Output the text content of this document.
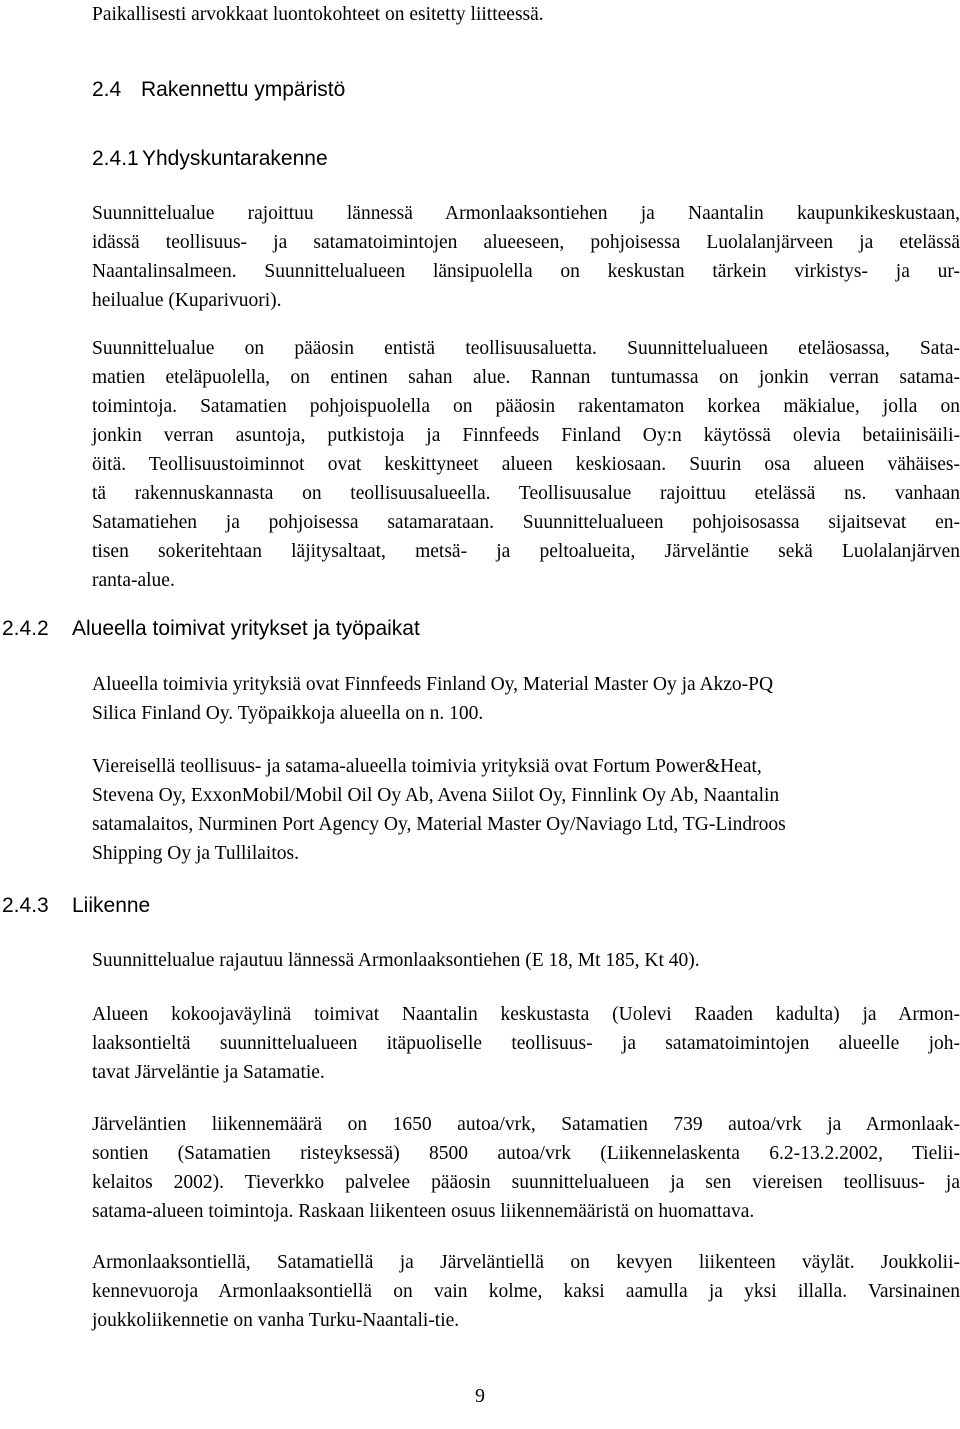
Paikallisesti arvokkaat luontokohteet on esitetty liitteessä.
2.4 Rakennettu ympäristö
2.4.1 Yhdyskuntarakenne
Suunnittelualue rajoittuu lännessä Armonlaaksontiehen ja Naantalin kaupunkikeskustaan,
idässä teollisuus- ja satamatoimintojen alueeseen, pohjoisessa Luolalanjärveen ja etelässä
Naantalinsalmeen. Suunnittelualueen länsipuolella on keskustan tärkein virkistys- ja ur-
heilualue (Kuparivuori).
Suunnittelualue on pääosin entistä teollisuusaluetta. Suunnittelualueen eteläosassa, Sata-
matien eteläpuolella, on entinen sahan alue. Rannan tuntumassa on jonkin verran satama-
toimintoja. Satamatien pohjoispuolella on pääosin rakentamaton korkea mäkialue, jolla on
jonkin verran asuntoja, putkistoja ja Finnfeeds Finland Oy:n käytössä olevia betaiinisäili-
öitä. Teollisuustoiminnot ovat keskittyneet alueen keskiosaan. Suurin osa alueen vähäises-
tä rakennuskannasta on teollisuusalueella. Teollisuusalue rajoittuu etelässä ns. vanhaan
Satamatiehen ja pohjoisessa satamarataan. Suunnittelualueen pohjoisosassa sijaitsevat en-
tisen sokeritehtaan läjitysaltaat, metsä- ja peltoalueita, Järveläntie sekä Luolalanjärven
ranta-alue.
2.4.2 Alueella toimivat yritykset ja työpaikat
Alueella toimivia yrityksiä ovat Finnfeeds Finland Oy, Material Master Oy ja Akzo-PQ
Silica Finland Oy. Työpaikkoja alueella on n. 100.
Viereisellä teollisuus- ja satama-alueella toimivia yrityksiä ovat Fortum Power&Heat,
Stevena Oy, ExxonMobil/Mobil Oil Oy Ab, Avena Siilot Oy, Finnlink Oy Ab, Naantalin
satamalaitos, Nurminen Port Agency Oy, Material Master Oy/Naviago Ltd, TG-Lindroos
Shipping Oy ja Tullilaitos.
2.4.3 Liikenne
Suunnittelualue rajautuu lännessä Armonlaaksontiehen (E 18, Mt 185, Kt 40).
Alueen kokoojaväylinä toimivat Naantalin keskustasta (Uolevi Raaden kadulta) ja Armon-
laaksontieltä suunnittelualueen itäpuoliselle teollisuus- ja satamatoimintojen alueelle joh-
tavat Järveläntie ja Satamatie.
Järveläntien liikennemäärä on 1650 autoa/vrk, Satamatien 739 autoa/vrk ja Armonlaak-
sontien (Satamatien risteyksessä) 8500 autoa/vrk (Liikennelaskenta 6.2-13.2.2002, Tielii-
kelaitos 2002). Tieverkko palvelee pääosin suunnittelualueen ja sen viereisen teollisuus- ja
satama-alueen toimintoja. Raskaan liikenteen osuus liikennemääristä on huomattava.
Armonlaaksontiellä, Satamatiellä ja Järveläntiellä on kevyen liikenteen väylät. Joukkolii-
kennevuoroja Armonlaaksontiellä on vain kolme, kaksi aamulla ja yksi illalla. Varsinainen
joukkoliikennetie on vanha Turku-Naantali-tie.
9
